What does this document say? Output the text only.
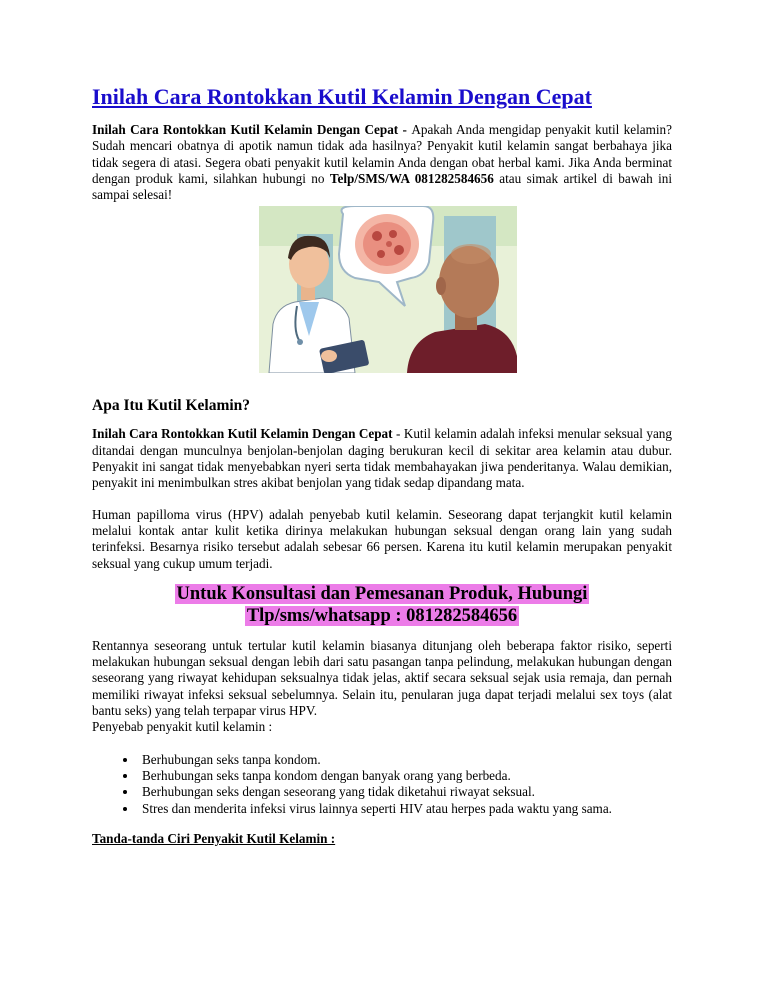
Inilah Cara Rontokkan Kutil Kelamin Dengan Cepat

Inilah Cara Rontokkan Kutil Kelamin Dengan Cepat - Apakah Anda mengidap penyakit kutil kelamin? Sudah mencari obatnya di apotik namun tidak ada hasilnya? Penyakit kutil kelamin sangat berbahaya jika tidak segera di atasi. Segera obati penyakit kutil kelamin Anda dengan obat herbal kami. Jika Anda berminat dengan produk kami, silahkan hubungi no Telp/SMS/WA 081282584656 atau simak artikel di bawah ini sampai selesai!

Apa Itu Kutil Kelamin?

Inilah Cara Rontokkan Kutil Kelamin Dengan Cepat - Kutil kelamin adalah infeksi menular seksual yang ditandai dengan munculnya benjolan-benjolan daging berukuran kecil di sekitar area kelamin atau dubur. Penyakit ini sangat tidak menyebabkan nyeri serta tidak membahayakan jiwa penderitanya. Walau demikian, penyakit ini menimbulkan stres akibat benjolan yang tidak sedap dipandang mata.

Human papilloma virus (HPV) adalah penyebab kutil kelamin. Seseorang dapat terjangkit kutil kelamin melalui kontak antar kulit ketika dirinya melakukan hubungan seksual dengan orang lain yang sudah terinfeksi. Besarnya risiko tersebut adalah sebesar 66 persen. Karena itu kutil kelamin merupakan penyakit seksual yang cukup umum terjadi.

Untuk Konsultasi dan Pemesanan Produk, Hubungi
Tlp/sms/whatsapp : 081282584656

Rentannya seseorang untuk tertular kutil kelamin biasanya ditunjang oleh beberapa faktor risiko, seperti melakukan hubungan seksual dengan lebih dari satu pasangan tanpa pelindung, melakukan hubungan dengan seseorang yang riwayat kehidupan seksualnya tidak jelas, aktif secara seksual sejak usia remaja, dan pernah memiliki riwayat infeksi seksual sebelumnya. Selain itu, penularan juga dapat terjadi melalui sex toys (alat bantu seks) yang telah terpapar virus HPV.
Penyebab penyakit kutil kelamin :

• Berhubungan seks tanpa kondom.
• Berhubungan seks tanpa kondom dengan banyak orang yang berbeda.
• Berhubungan seks dengan seseorang yang tidak diketahui riwayat seksual.
• Stres dan menderita infeksi virus lainnya seperti HIV atau herpes pada waktu yang sama.
Tanda-tanda Ciri Penyakit Kutil Kelamin :
